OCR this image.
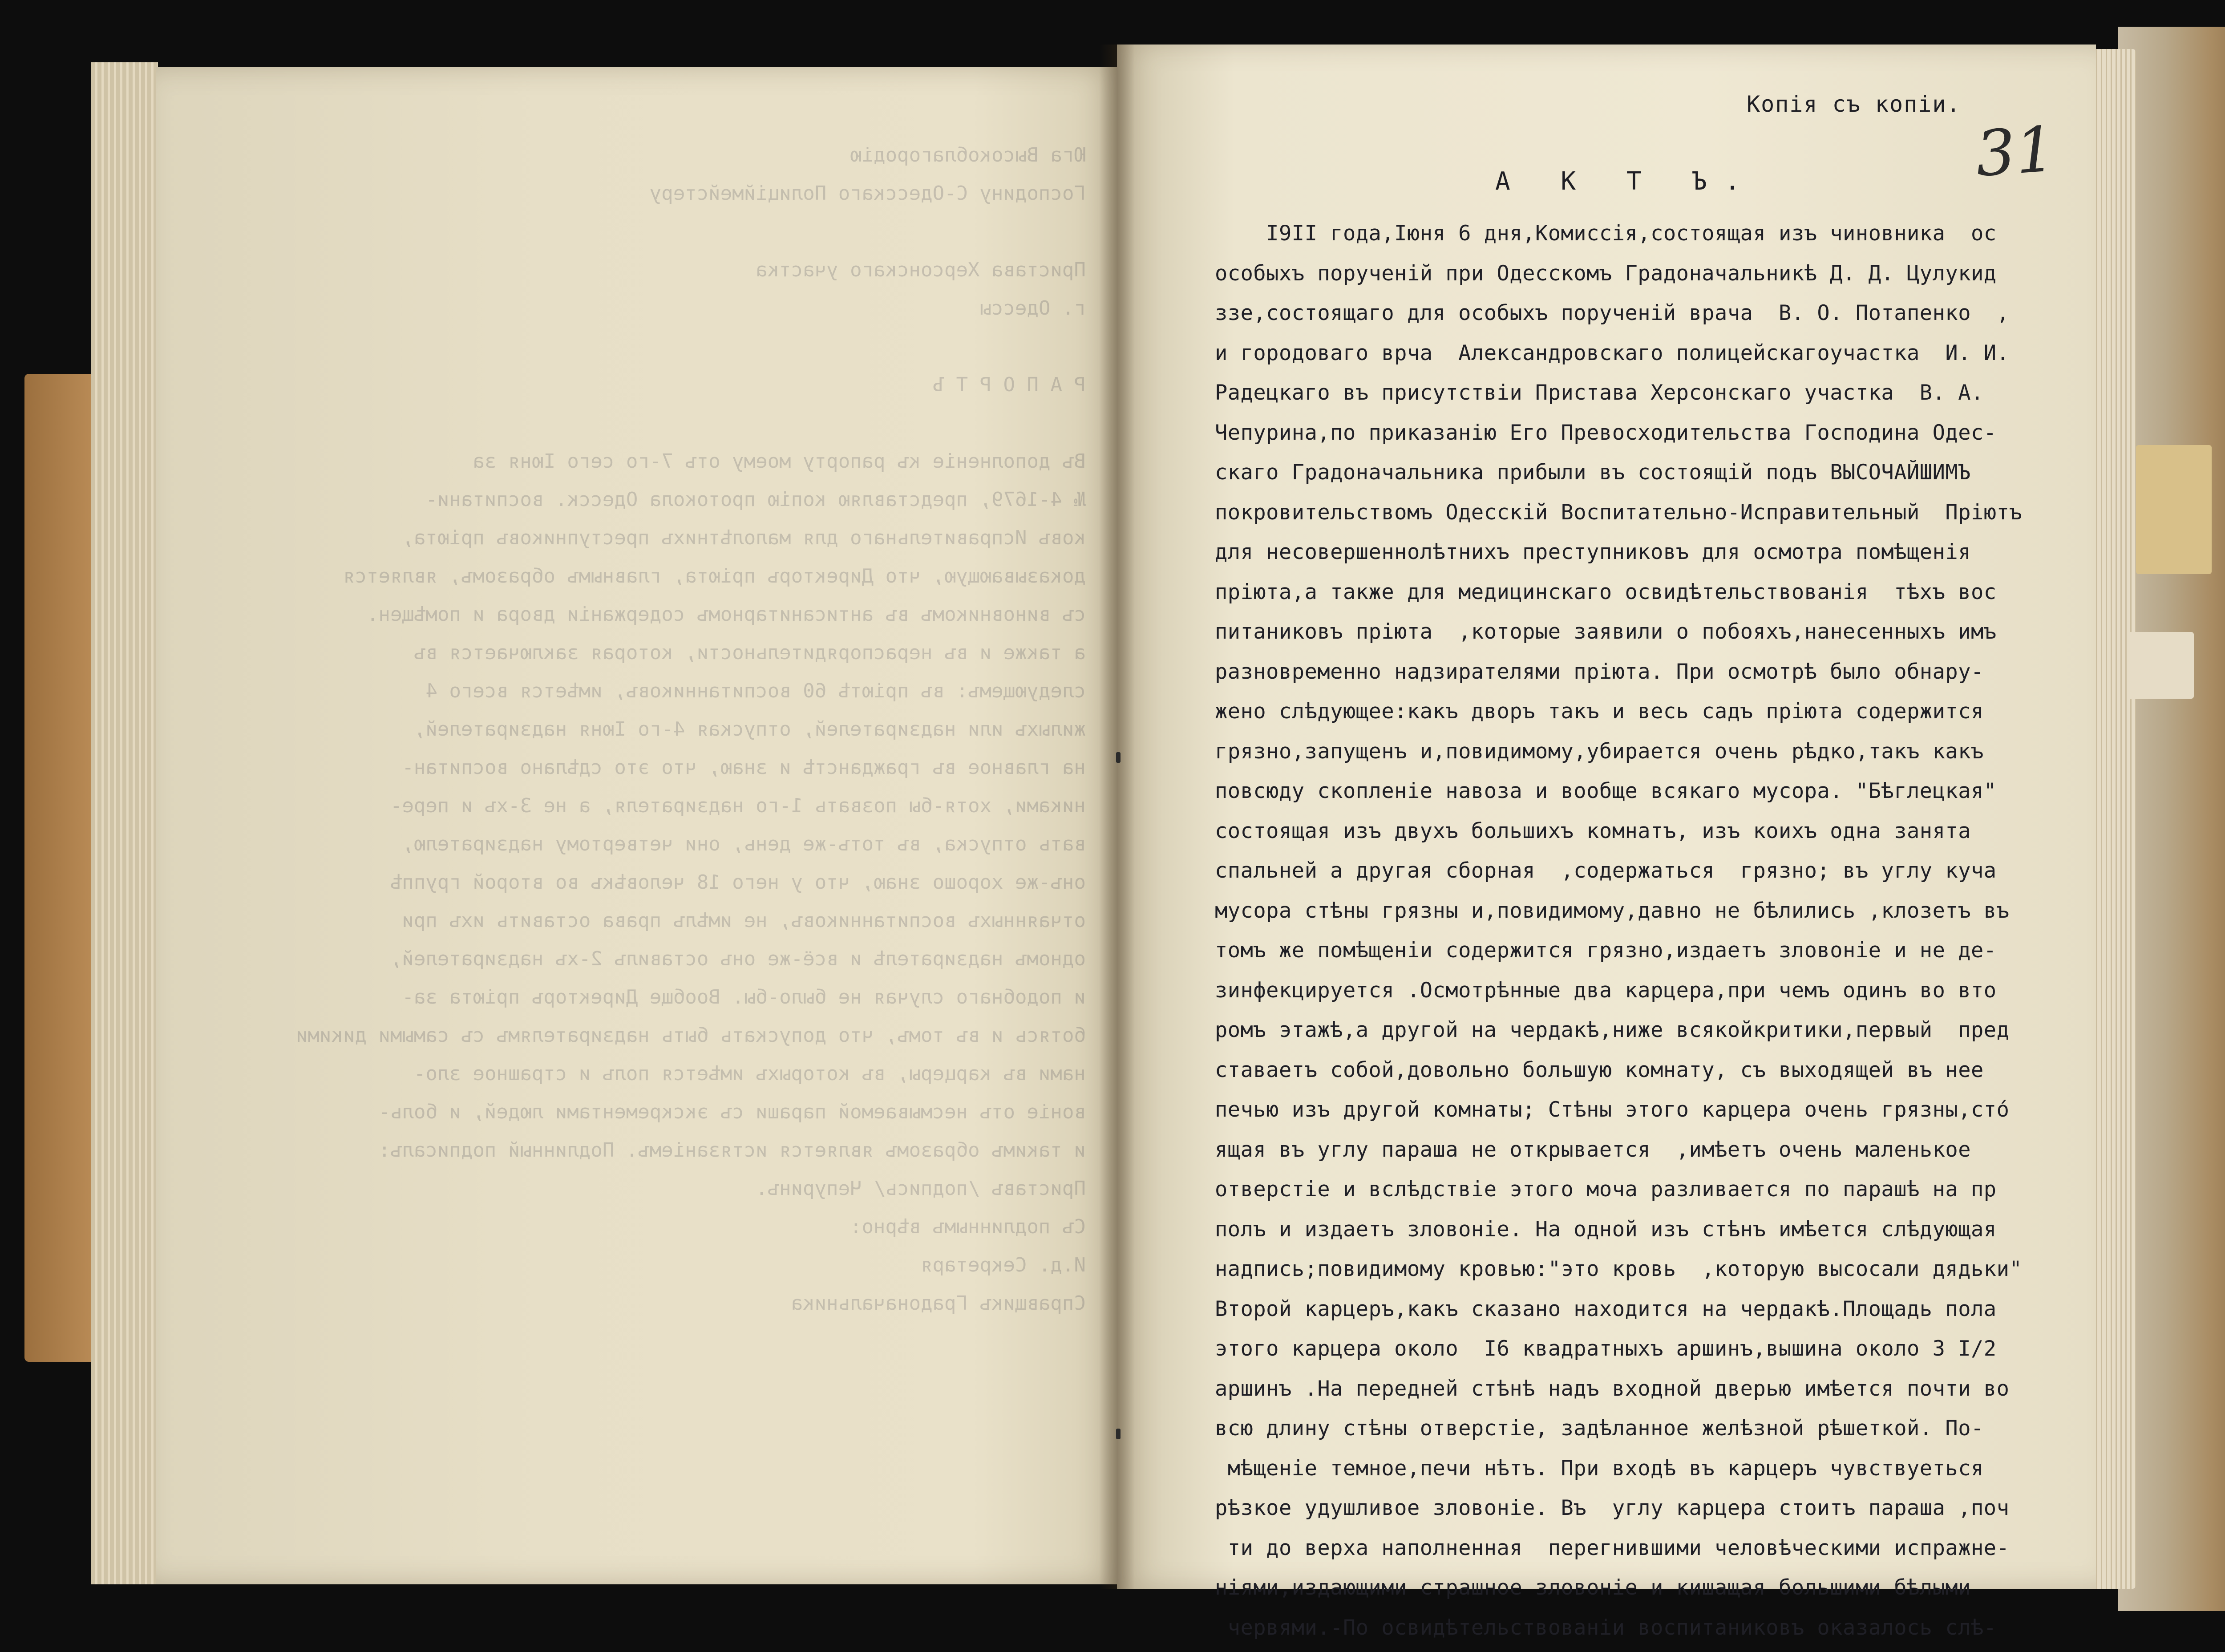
Юга Высокоблагородію
Господину С-Одесскаго Полиціймейстеру

Пристава Херсонскаго участка
г. Одессы

Р А П О Р Т Ъ

Въ дополненіе къ рапорту моему отъ 7-го сего Іюня за
№ 4-1679, представляю копію протокола Одесск. воспитани-
ковъ Исправительнаго для малолѣтнихъ преступниковъ пріюта,
доказывающую, что Директоръ пріюта, главнымъ образомъ, является
съ виновникомъ въ антисанитарномъ содержаніи двора и помѣщен.
а также и въ нераспорядительности, которая заключается въ
следующемъ: въ пріютѣ 60 воспитанниковъ, имѣется всего 4
жилыхъ или надзирателей, отпуская 4-го Іюня надзирателей,
на главное въ гражданстѣ и знаю, что это сдѣлано воспитан-
никами, хотя-бы позвать 1-го надзирателя, а не 3-хъ и пере-
вать отпуска, въ тотъ-же день, они четвертому надзирателю,
онъ-же хорошо знаю, что у него 18 человѣкъ во второй группѣ
отчаянныхъ воспитанниковъ, не имѣлъ права оставить ихъ при
одномъ надзирателѣ и всё-же онъ оставилъ 2-хъ надзирателей,
и подобнаго случая не было-бы. Вообще Директоръ пріюта за-
ботясь и въ томъ, что допускать быть надзирателямъ съ самыми дикими
нами въ карцеры, въ которыхъ имѣется полъ и страшное зло-
воніе отъ несмываемой параши съ экскрементами людей, и боль-
и такимъ образомъ является истязаніемъ. Подлинный подписалъ:
Приставъ /подпись/ Чепуринъ.
Съ подлиннымъ вѣрно:
И.д. Секретаря
Справщикъ Градоначальника

Копія съ копіи.
31
А К Т Ъ.
I9II года,Іюня 6 дня,Комиссія,состоящая изъ чиновника  ос
особыхъ порученій при Одесскомъ Градоначальникѣ Д. Д. Цулукид
ззе,состоящаго для особыхъ порученій врача  В. О. Потапенко  ,
и городоваго врча  Александровскаго полицейскагоучастка  И. И.
Радецкаго въ присутствіи Пристава Херсонскаго участка  В. А.
Чепурина,по приказанію Его Превосходительства Господина Одес-
скаго Градоначальника прибыли въ состоящій подъ ВЫСОЧАЙШИМЪ
покровительствомъ Одесскій Воспитательно-Исправительный  Пріютъ
для несовершеннолѣтнихъ преступниковъ для осмотра помѣщенія
пріюта,а также для медицинскаго освидѣтельствованія  тѣхъ вос
питаниковъ пріюта  ,которые заявили о побояхъ,нанесенныхъ имъ
разновременно надзирателями пріюта. При осмотрѣ было обнару-
жено слѣдующее:какъ дворъ такъ и весь садъ пріюта содержится
грязно,запущенъ и,повидимому,убирается очень рѣдко,такъ какъ
повсюду скопленіе навоза и вообще всякаго мусора. "Бѣглецкая"
состоящая изъ двухъ большихъ комнатъ, изъ коихъ одна занята
спальней а другая сборная  ,содержаться  грязно; въ углу куча
мусора стѣны грязны и,повидимому,давно не бѣлились ,клозетъ въ
томъ же помѣщеніи содержится грязно,издаетъ зловоніе и не де-
зинфекцируется .Осмотрѣнные два карцера,при чемъ одинъ во вто
ромъ этажѣ,а другой на чердакѣ,ниже всякойкритики,первый  пред
ставаетъ собой,довольно большую комнату, съ выходящей въ нее
печью изъ другой комнаты; Стѣны этого карцера очень грязны,стó
ящая въ углу параша не открывается  ,имѣетъ очень маленькое
отверстіе и вслѣдствіе этого моча разливается по парашѣ на пр
полъ и издаетъ зловоніе. На одной изъ стѣнъ имѣется слѣдующая
надпись;повидимому кровью:"это кровь  ,которую высосали дядьки"
Второй карцеръ,какъ сказано находится на чердакѣ.Площадь пола
этого карцера около  I6 квадратныхъ аршинъ,вышина около 3 I/2
аршинъ .На передней стѣнѣ надъ входной дверью имѣется почти во
всю длину стѣны отверстіе, задѣланное желѣзной рѣшеткой. По-
мѣщеніе темное,печи нѣтъ. При входѣ въ карцеръ чувствуеться
рѣзкое удушливое зловоніе. Въ  углу карцера стоитъ параша ,поч
ти до верха наполненная  перегнившими человѣческими испражне-
ніями,издающими страшное зловоніе и кишащая большими бѣлыми
червями.-По освидѣтельствованіи воспитаниковъ оказалось слѣ-
